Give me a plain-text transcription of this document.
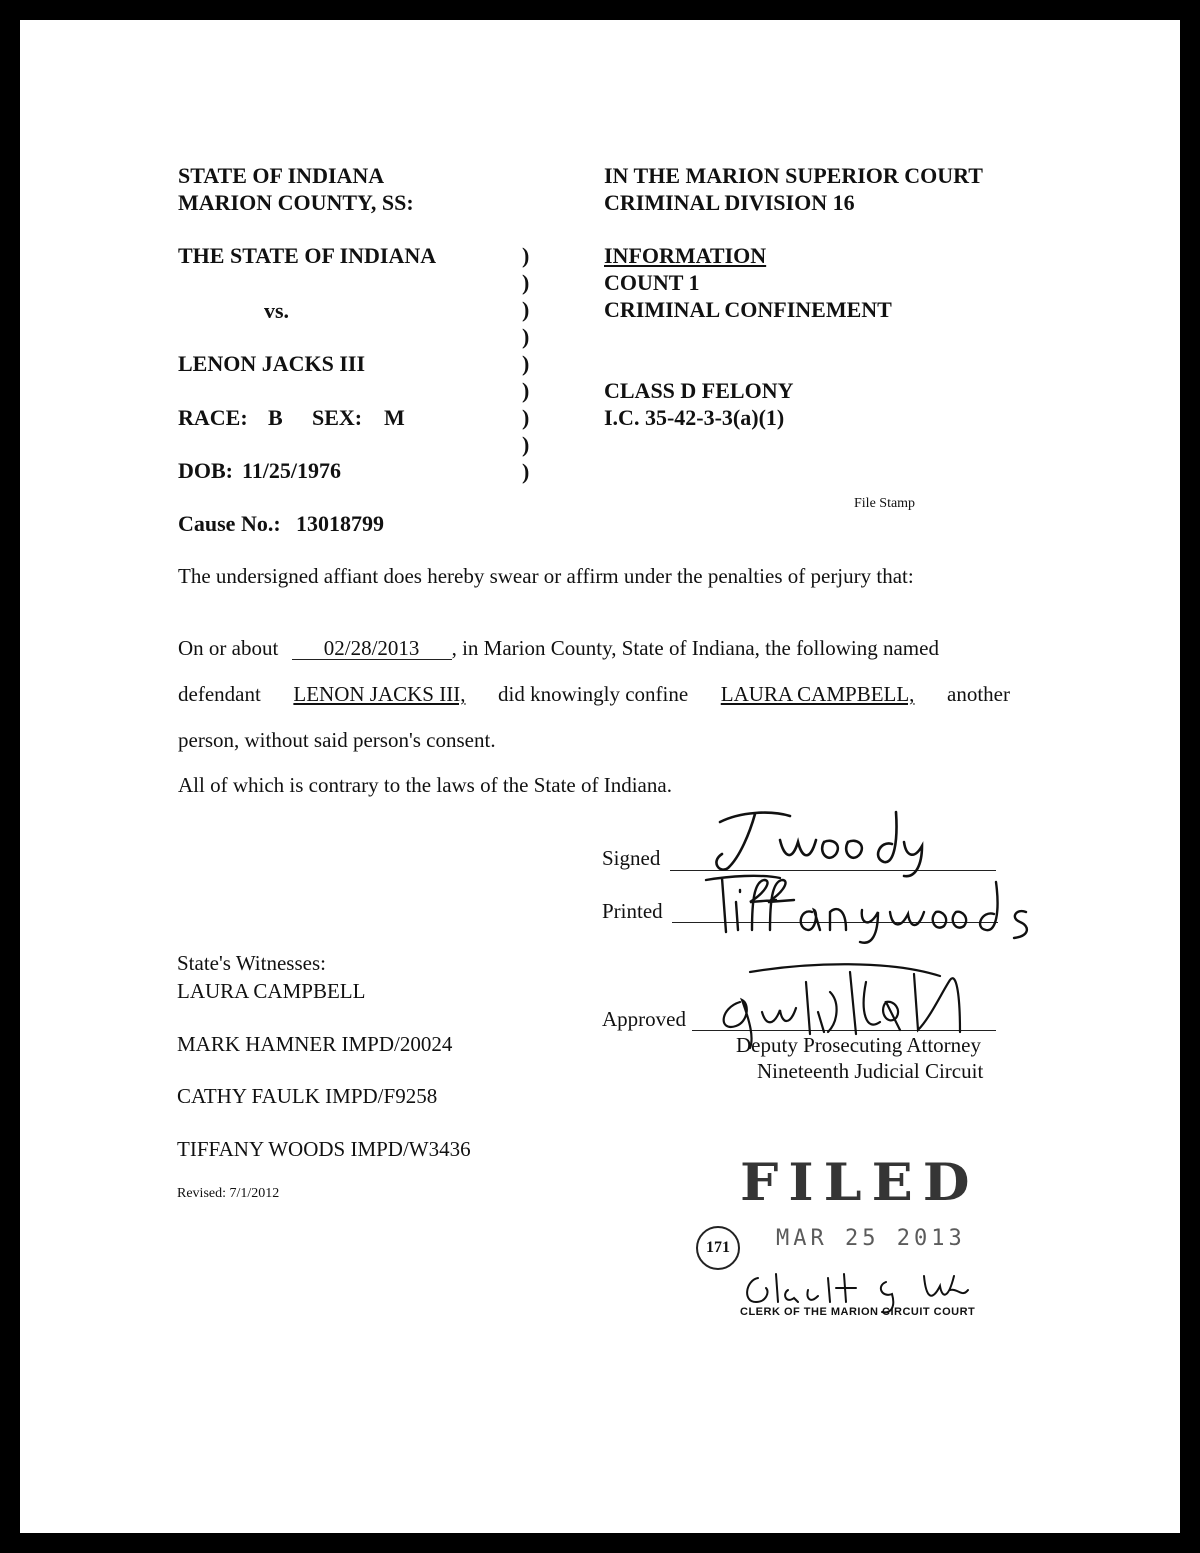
STATE OF INDIANA
MARION COUNTY, SS:
IN THE MARION SUPERIOR COURT
CRIMINAL DIVISION 16
THE STATE OF INDIANA
vs.
LENON JACKS III
RACE: B SEX: M
DOB: 11/25/1976
)
)
)
)
)
)
)
)
)
INFORMATION
COUNT 1
CRIMINAL CONFINEMENT
CLASS D FELONY
I.C. 35-42-3-3(a)(1)
File Stamp
Cause No.: 13018799
The undersigned affiant does hereby swear or affirm under the penalties of perjury that:
On or about 02/28/2013 , in Marion County, State of Indiana, the following named
defendant LENON JACKS III, did knowingly confine LAURA CAMPBELL, another
person, without said person's consent.
All of which is contrary to the laws of the State of Indiana.
Signed
Printed
Approved
Deputy Prosecuting Attorney
Nineteenth Judicial Circuit
State's Witnesses:
LAURA CAMPBELL
MARK HAMNER IMPD/20024
CATHY FAULK IMPD/F9258
TIFFANY WOODS IMPD/W3436
Revised: 7/1/2012	FILED
171	MAR 25 2013
CLERK OF THE MARION CIRCUIT COURT
